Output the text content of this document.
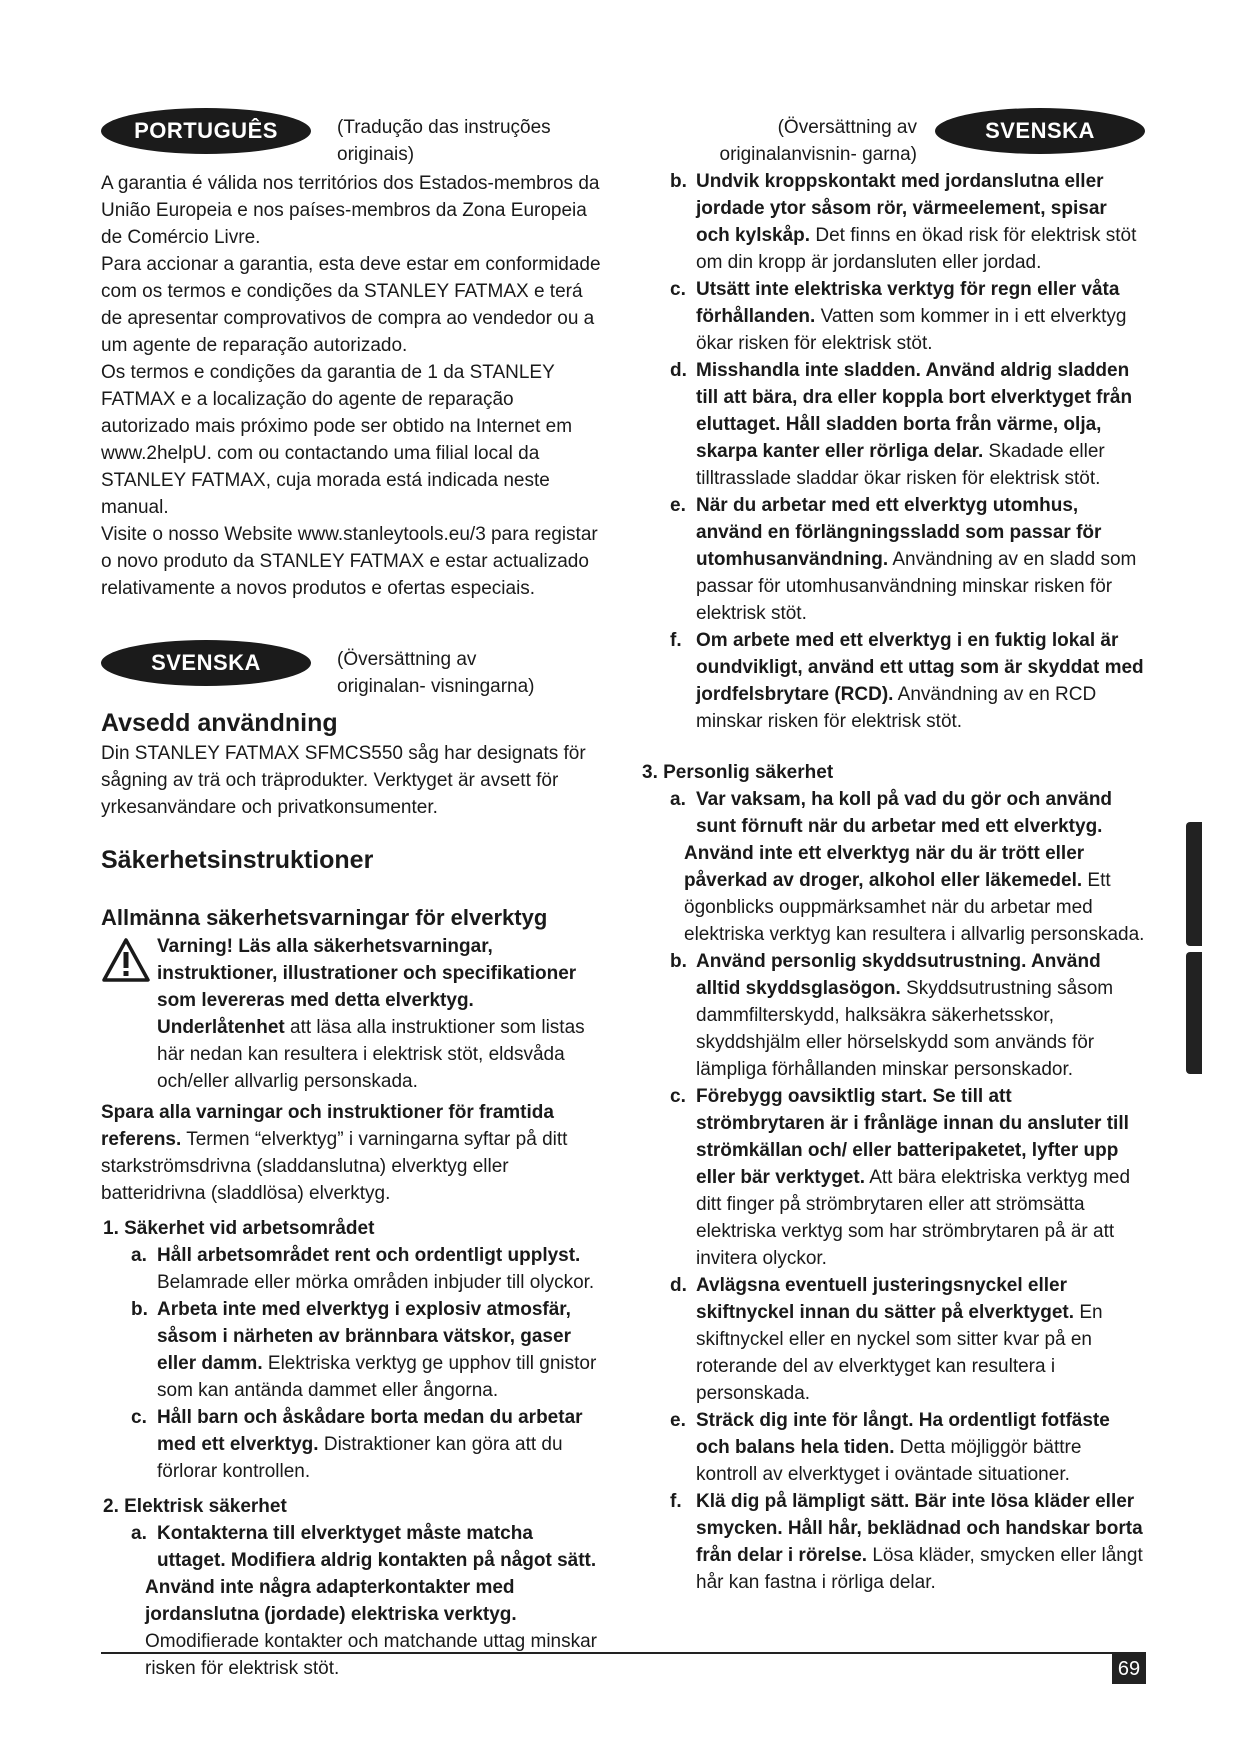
PORTUGUÊS	(Tradução das instruções originais)

A garantia é válida nos territórios dos Estados-membros da União Europeia e nos países-membros da Zona Europeia de Comércio Livre.

Para accionar a garantia, esta deve estar em conformidade com os termos e condições da STANLEY FATMAX e terá de apresentar comprovativos de compra ao vendedor ou a um agente de reparação autorizado.

Os termos e condições da garantia de 1 da STANLEY FATMAX e a localização do agente de reparação autorizado mais próximo pode ser obtido na Internet em www.2helpU. com ou contactando uma filial local da STANLEY FATMAX, cuja morada está indicada neste manual.

Visite o nosso Website www.stanleytools.eu/3 para registar o novo produto da STANLEY FATMAX e estar actualizado relativamente a novos produtos e ofertas especiais.

SVENSKA	(Översättning av originalan- visningarna)
Avsedd användning

Din STANLEY FATMAX SFMCS550 såg har designats för sågning av trä och träprodukter. Verktyget är avsett för yrkesanvändare och privatkonsumenter.

Säkerhetsinstruktioner
Allmänna säkerhetsvarningar för elverktyg

Varning! Läs alla säkerhetsvarningar, instruktioner, illustrationer och specifikationer som levereras med detta elverktyg. Underlåtenhet att läsa alla instruktioner som listas här nedan kan resultera i elektrisk stöt, eldsvåda och/eller allvarlig personskada.

Spara alla varningar och instruktioner för framtida referens. Termen “elverktyg” i varningarna syftar på ditt starkströmsdrivna (sladdanslutna) elverktyg eller batteridrivna (sladdlösa) elverktyg.

1. Säkerhet vid arbetsområdet

a. Håll arbetsområdet rent och ordentligt upplyst. Belamrade eller mörka områden inbjuder till olyckor.

b. Arbeta inte med elverktyg i explosiv atmosfär, såsom i närheten av brännbara vätskor, gaser eller damm. Elektriska verktyg ge upphov till gnistor som kan antända dammet eller ångorna.

c. Håll barn och åskådare borta medan du arbetar med ett elverktyg. Distraktioner kan göra att du förlorar kontrollen.

2. Elektrisk säkerhet

a. Kontakterna till elverktyget måste matcha uttaget. Modifiera aldrig kontakten på något sätt.

Använd inte några adapterkontakter med jordanslutna (jordade) elektriska verktyg. Omodifierade kontakter och matchande uttag minskar risken för elektrisk stöt.

(Översättning av originalanvisnin- garna)
SVENSKA
b. Undvik kroppskontakt med jordanslutna eller jordade ytor såsom rör, värmeelement, spisar och kylskåp. Det finns en ökad risk för elektrisk stöt om din kropp är jordansluten eller jordad.

c. Utsätt inte elektriska verktyg för regn eller våta förhållanden. Vatten som kommer in i ett elverktyg ökar risken för elektrisk stöt.

d. Misshandla inte sladden. Använd aldrig sladden till att bära, dra eller koppla bort elverktyget från eluttaget. Håll sladden borta från värme, olja, skarpa kanter eller rörliga delar. Skadade eller tilltrasslade sladdar ökar risken för elektrisk stöt.

e. När du arbetar med ett elverktyg utomhus, använd en förlängningssladd som passar för utomhusanvändning. Användning av en sladd som passar för utomhusanvändning minskar risken för elektrisk stöt.

f. Om arbete med ett elverktyg i en fuktig lokal är oundvikligt, använd ett uttag som är skyddat med jordfelsbrytare (RCD). Användning av en RCD minskar risken för elektrisk stöt.

3. Personlig säkerhet

a. Var vaksam, ha koll på vad du gör och använd sunt förnuft när du arbetar med ett elverktyg.

Använd inte ett elverktyg när du är trött eller påverkad av droger, alkohol eller läkemedel. Ett ögonblicks ouppmärksamhet när du arbetar med elektriska verktyg kan resultera i allvarlig personskada.

b. Använd personlig skyddsutrustning. Använd alltid skyddsglasögon. Skyddsutrustning såsom dammfilterskydd, halksäkra säkerhetsskor, skyddshjälm eller hörselskydd som används för lämpliga förhållanden minskar personskador.

c. Förebygg oavsiktlig start. Se till att strömbrytaren är i frånläge innan du ansluter till strömkällan och/ eller batteripaketet, lyfter upp eller bär verktyget. Att bära elektriska verktyg med ditt finger på strömbrytaren eller att strömsätta elektriska verktyg som har strömbrytaren på är att invitera olyckor.

d. Avlägsna eventuell justeringsnyckel eller skiftnyckel innan du sätter på elverktyget. En skiftnyckel eller en nyckel som sitter kvar på en roterande del av elverktyget kan resultera i personskada.

e. Sträck dig inte för långt. Ha ordentligt fotfäste och balans hela tiden. Detta möjliggör bättre kontroll av elverktyget i oväntade situationer.

f. Klä dig på lämpligt sätt. Bär inte lösa kläder eller smycken. Håll hår, beklädnad och handskar borta från delar i rörelse. Lösa kläder, smycken eller långt hår kan fastna i rörliga delar.

69
